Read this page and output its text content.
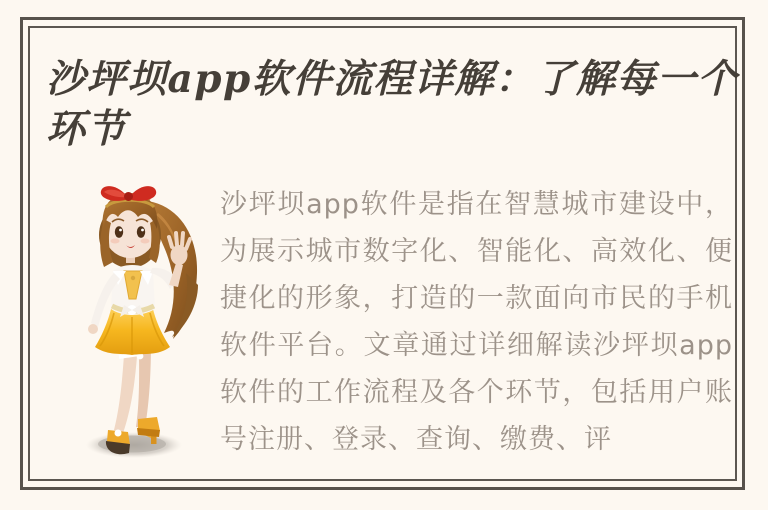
沙坪坝app软件流程详解：了解每一个环节

沙坪坝app软件是指在智慧城市建设中，为展示城市数字化、智能化、高效化、便捷化的形象，打造的一款面向市民的手机软件平台。文章通过详细解读沙坪坝app软件的工作流程及各个环节，包括用户账号注册、登录、查询、缴费、评
